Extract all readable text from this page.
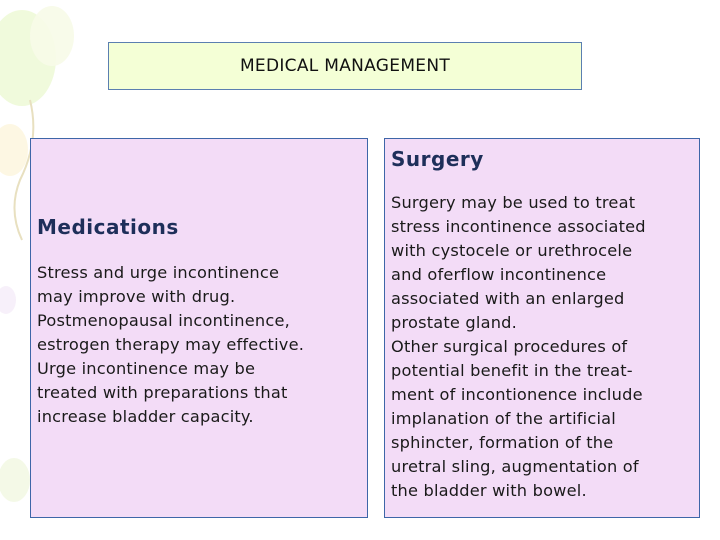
MEDICAL MANAGEMENT

Medications

Stress and urge incontinence
may improve with drug.
Postmenopausal incontinence,
estrogen therapy may effective.
Urge incontinence may be
treated with preparations that
increase bladder capacity.

Surgery

Surgery may be used to treat
stress incontinence associated
with cystocele or urethrocele
and oferflow incontinence
associated with an enlarged
prostate gland.
Other surgical procedures of
potential benefit in the treat-
ment of incontionence include
implanation of the artificial
sphincter, formation of the
uretral sling, augmentation of
the bladder with bowel.
